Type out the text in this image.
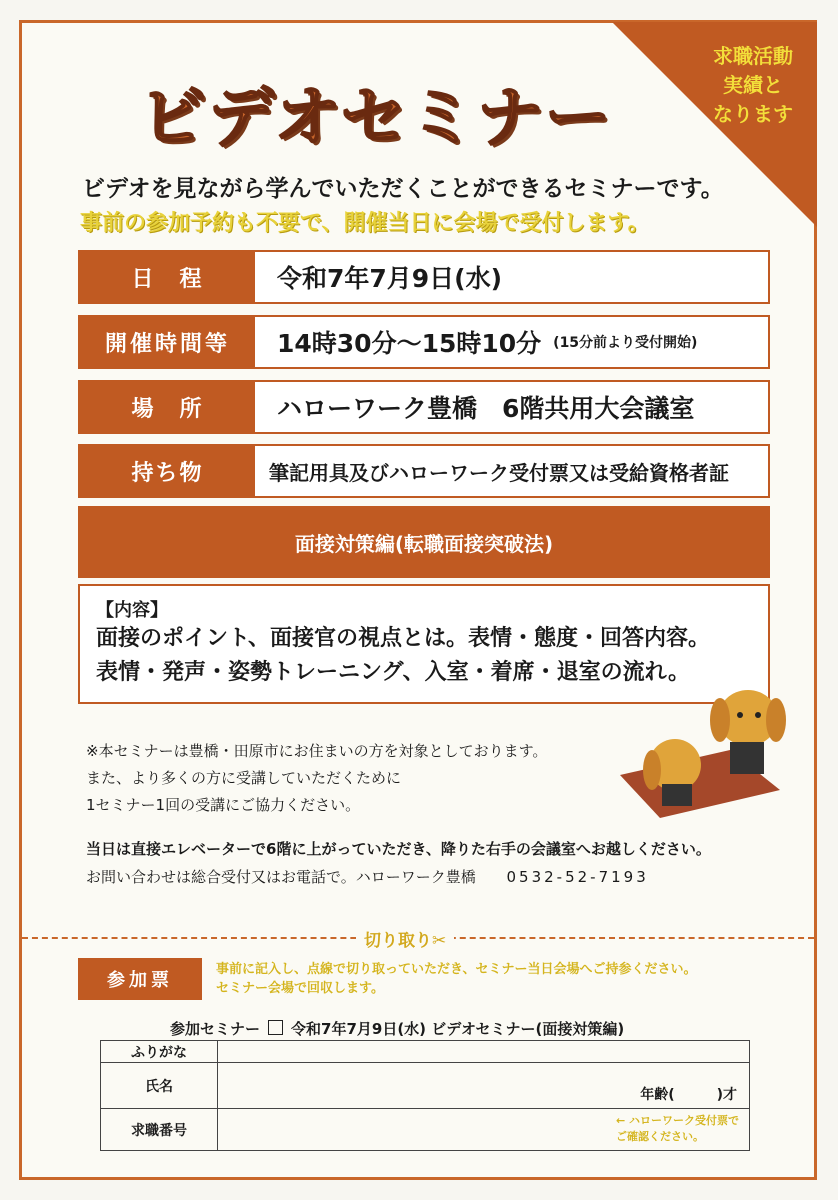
求職活動
実績と
なります
ビデオセミナー
ビデオを見ながら学んでいただくことができるセミナーです。
事前の参加予約も不要で、開催当日に会場で受付します。
日　程	令和7年7月9日(水)
開催時間等	14時30分～15時10分 (15分前より受付開始)
場　所	ハローワーク豊橋　6階共用大会議室
持ち物	筆記用具及びハローワーク受付票又は受給資格者証
面接対策編(転職面接突破法)
【内容】
面接のポイント、面接官の視点とは。表情・態度・回答内容。
表情・発声・姿勢トレーニング、入室・着席・退室の流れ。
※本セミナーは豊橋・田原市にお住まいの方を対象としております。
また、より多くの方に受講していただくために
1セミナー1回の受講にご協力ください。
当日は直接エレベーターで6階に上がっていただき、降りた右手の会議室へお越しください。
お問い合わせは総合受付又はお電話で。ハローワーク豊橋 0532-52-7193
切り取り✂
参加票
事前に記入し、点線で切り取っていただき、セミナー当日会場へご持参ください。
セミナー会場で回収します。
参加セミナー 令和7年7月9日(水) ビデオセミナー(面接対策編)
ふりがな	
氏名	年齢(　　　)才

求職番号	← ハローワーク受付票で
ご確認ください。
